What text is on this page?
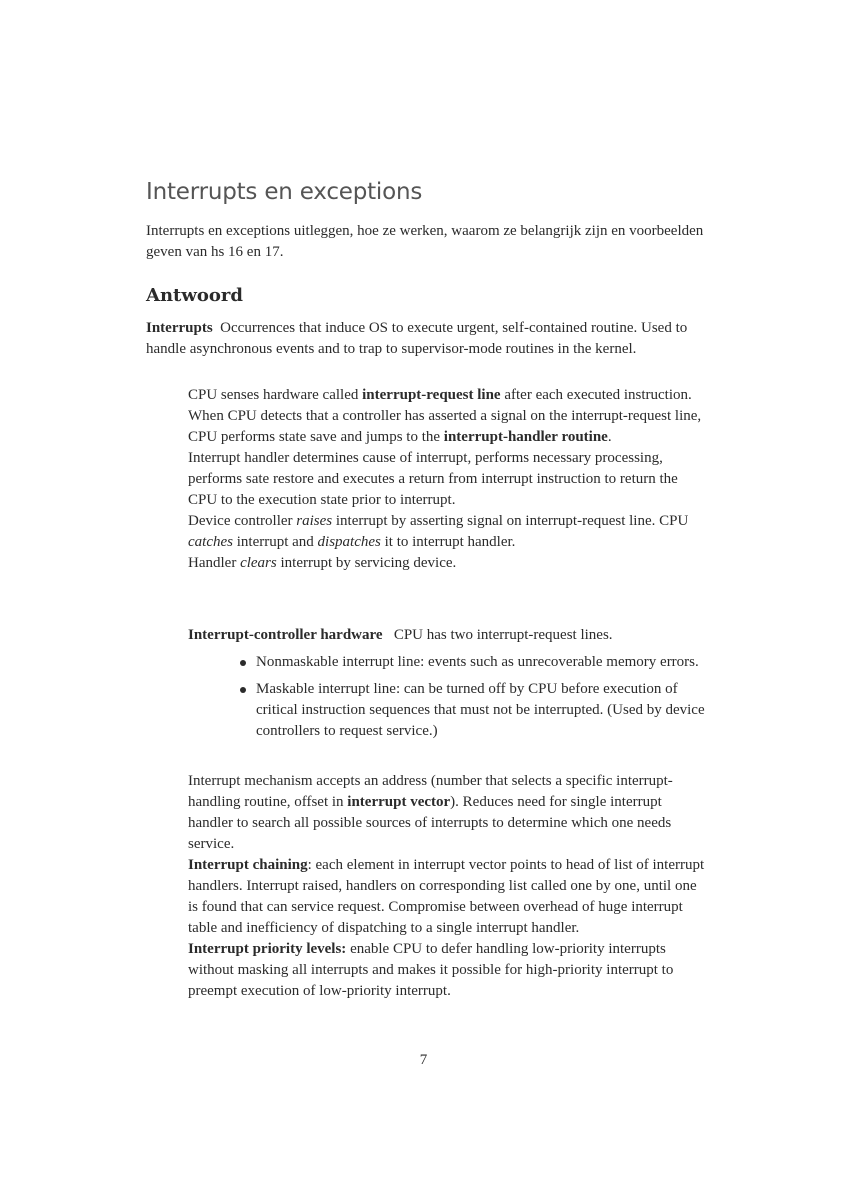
Interrupts en exceptions

Interrupts en exceptions uitleggen, hoe ze werken, waarom ze belangrijk zijn en voorbeelden geven van hs 16 en 17.

Antwoord

Interrupts Occurrences that induce OS to execute urgent, self-contained routine. Used to handle asynchronous events and to trap to supervisor-mode routines in the kernel.

CPU senses hardware called interrupt-request line after each executed instruction.

When CPU detects that a controller has asserted a signal on the interrupt-request line, CPU performs state save and jumps to the interrupt-handler routine.

Interrupt handler determines cause of interrupt, performs necessary processing, performs sate restore and executes a return from interrupt instruction to return the CPU to the execution state prior to interrupt.

Device controller raises interrupt by asserting signal on interrupt-request line. CPU catches interrupt and dispatches it to interrupt handler.

Handler clears interrupt by servicing device.

Interrupt-controller hardware CPU has two interrupt-request lines.

Nonmaskable interrupt line: events such as unrecoverable memory errors.
Maskable interrupt line: can be turned off by CPU before execution of critical instruction sequences that must not be interrupted. (Used by device controllers to request service.)

Interrupt mechanism accepts an address (number that selects a specific interrupt-handling routine, offset in interrupt vector). Reduces need for single interrupt handler to search all possible sources of interrupts to determine which one needs service.

Interrupt chaining: each element in interrupt vector points to head of list of interrupt handlers. Interrupt raised, handlers on corresponding list called one by one, until one is found that can service request. Compromise between overhead of huge interrupt table and inefficiency of dispatching to a single interrupt handler.

Interrupt priority levels: enable CPU to defer handling low-priority interrupts without masking all interrupts and makes it possible for high-priority interrupt to preempt execution of low-priority interrupt.

7
